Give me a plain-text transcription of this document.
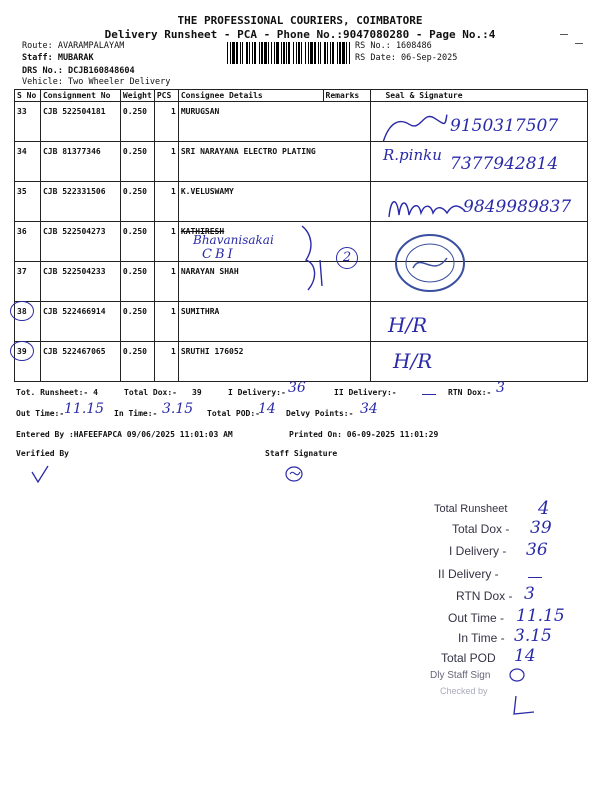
THE PROFESSIONAL COURIERS, COIMBATORE
Delivery Runsheet - PCA - Phone No.:9047080280 - Page No.:4
Route: AVARAMPALAYAM
Staff: MUBARAK
DRS No.: DCJB160848604
Vehicle: Two Wheeler Delivery
RS No.: 1608486
RS Date: 06-Sep-2025
S No	Consignment No	Weight	PCS	Consignee Details	Remarks	Seal & Signature

33	CJB 522504181	0.250	1	MURUGSAN		

34	CJB 81377346	0.250	1	SRI NARAYANA ELECTRO PLATING		

35	CJB 522331506	0.250	1	K.VELUSWAMY		

36	CJB 522504273	0.250	1	KATHIRESH		

37	CJB 522504233	0.250	1	NARAYAN SHAH		

38	CJB 522466914	0.250	1	SUMITHRA		

39	CJB 522467065	0.250	1	SRUTHI 176052		

9150317507
R.pinku 7377942814
9849989837
Bhavanisakai
CBI	2
H/R
H/R
Tot. Runsheet:- 4	Total Dox:- 39	I Delivery:- 36	II Delivery:-	RTN Dox:- 3
Out Time:- 11.15 In Time:- 3.15 Total POD:-
14 Delvy Points:- 34
Entered By :HAFEEFAPCA 09/06/2025 11:01:03 AM	Printed On: 06-09-2025 11:01:29
Verified By	Staff Signature
Total Runsheet 4
Total Dox - 39
I Delivery - 36
II Delivery -
RTN Dox - 3
Out Time - 11.15
In Time - 3.15
Total POD 14
Dly Staff Sign
Checked by
